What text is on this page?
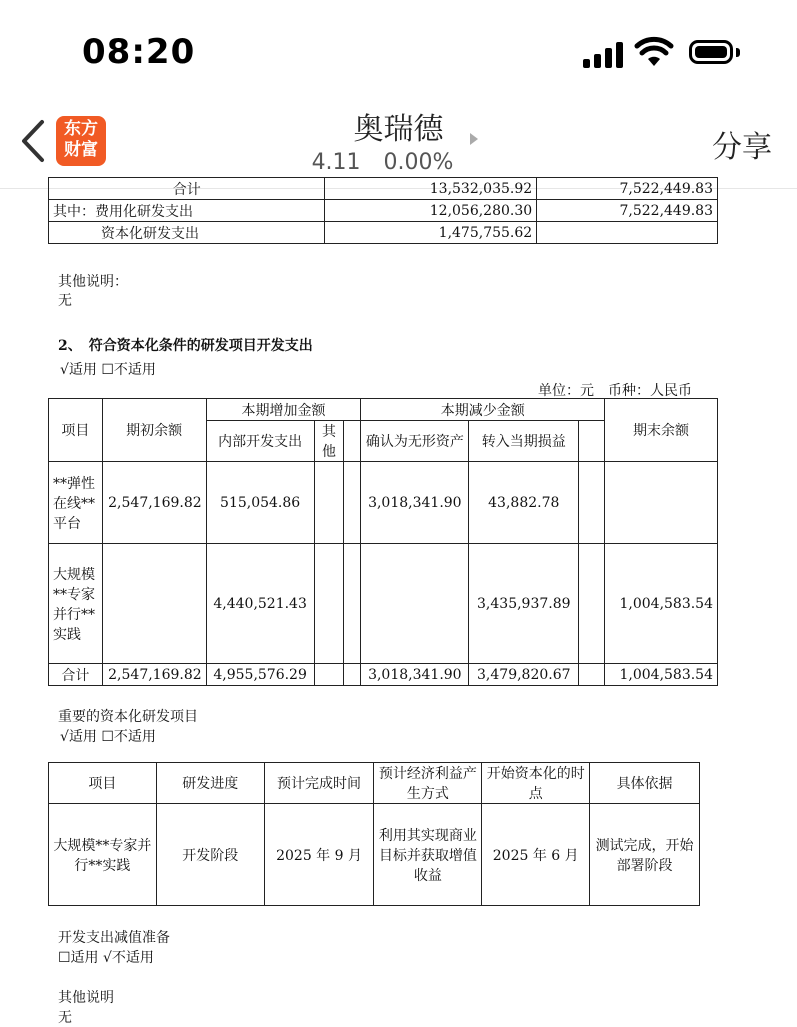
08:20
东方
财富
奥瑞德
4.11 0.00%	分享
合计	13,532,035.92	7,522,449.83
其中：费用化研发支出	12,056,280.30	7,522,449.83
资本化研发支出	1,475,755.62	
其他说明：
无
2、　符合资本化条件的研发项目开发支出
√适用 ☐不适用
单位：元　币种：人民币
项目	期初余额	本期增加金额			本期减少金额			期末余额
		内部开发支出	其他		确认为无形资产	转入当期损益		
**弹性在线**平台	2,547,169.82	515,054.86			3,018,341.90	43,882.78		
大规模**专家并行**实践		4,440,521.43				3,435,937.89		1,004,583.54
合计	2,547,169.82	4,955,576.29			3,018,341.90	3,479,820.67		1,004,583.54
重要的资本化研发项目
√适用 ☐不适用
项目	研发进度	预计完成时间	预计经济利益产生方式	开始资本化的时点	具体依据
大规模**专家并行**实践	开发阶段	2025 年 9 月	利用其实现商业目标并获取增值收益	2025 年 6 月	测试完成，开始部署阶段
开发支出减值准备
☐适用 √不适用
其他说明
无
